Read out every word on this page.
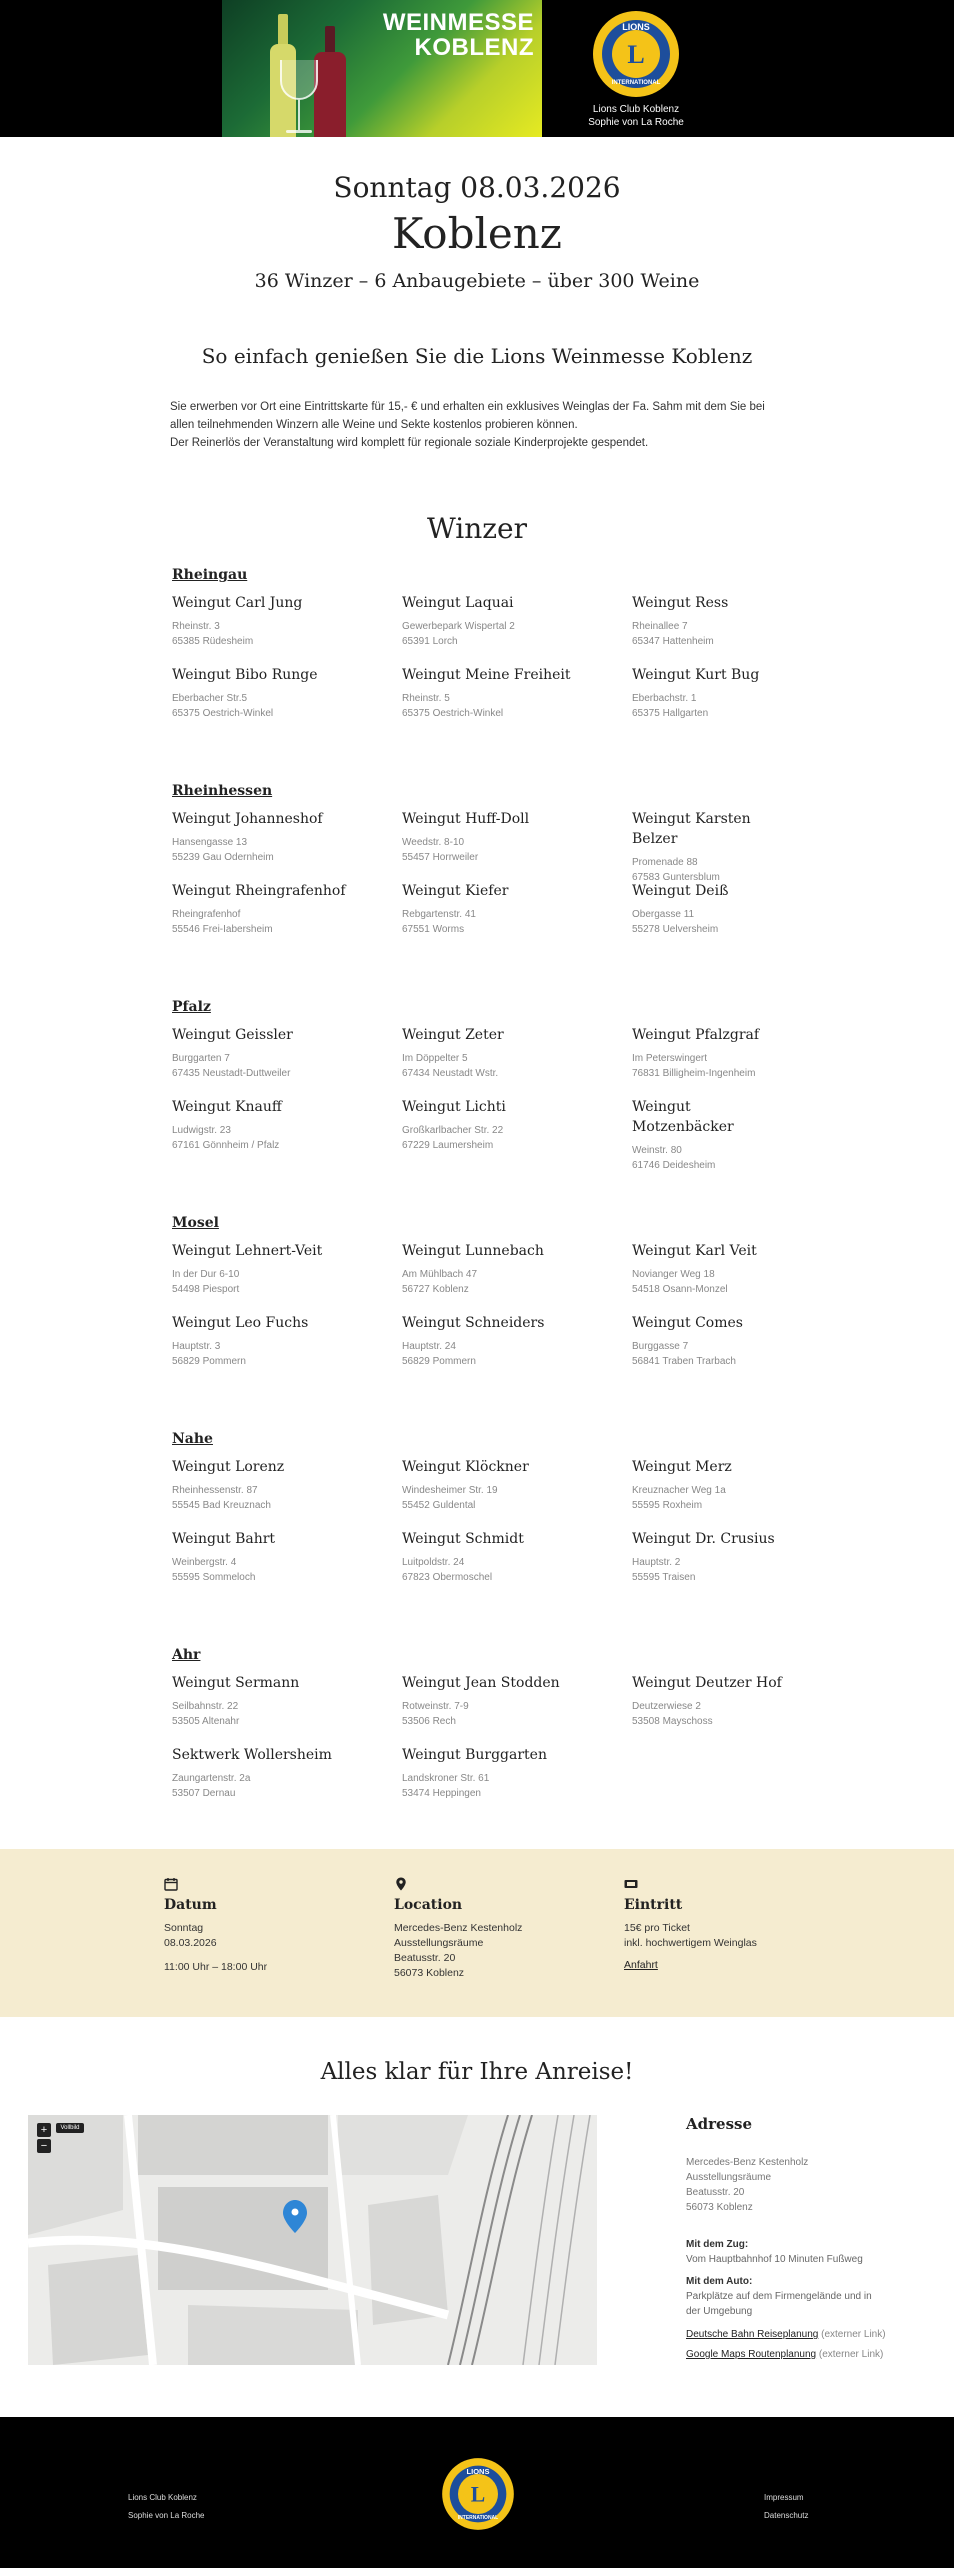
WEINMESSE
KOBLENZ
LIONS
L
INTERNATIONAL
Lions Club Koblenz
Sophie von La Roche
Sonntag 08.03.2026
Koblenz
36 Winzer – 6 Anbaugebiete – über 300 Weine
So einfach genießen Sie die Lions Weinmesse Koblenz
Sie erwerben vor Ort eine Eintrittskarte für 15,- € und erhalten ein exklusives Weinglas der Fa. Sahm mit dem Sie bei allen teilnehmenden Winzern alle Weine und Sekte kostenlos probieren können.
Der Reinerlös der Veranstaltung wird komplett für regionale soziale Kinderprojekte gespendet.
Winzer
Rheingau
Weingut Carl Jung
Rheinstr. 3
65385 Rüdesheim
Weingut Laquai
Gewerbepark Wispertal 2
65391 Lorch
Weingut Ress
Rheinallee 7
65347 Hattenheim
Weingut Bibo Runge
Eberbacher Str.5
65375 Oestrich-Winkel
Weingut Meine Freiheit
Rheinstr. 5
65375 Oestrich-Winkel
Weingut Kurt Bug
Eberbachstr. 1
65375 Hallgarten
Rheinhessen
Weingut Johanneshof
Hansengasse 13
55239 Gau Odernheim
Weingut Huff-Doll
Weedstr. 8-10
55457 Horrweiler
Weingut Karsten Belzer
Promenade 88
67583 Guntersblum
Weingut Rheingrafenhof
Rheingrafenhof
55546 Frei-Iabersheim
Weingut Kiefer
Rebgartenstr. 41
67551 Worms
Weingut Deiß
Obergasse 11
55278 Uelversheim
Pfalz
Weingut Geissler
Burggarten 7
67435 Neustadt-Duttweiler
Weingut Zeter
Im Döppelter 5
67434 Neustadt Wstr.
Weingut Pfalzgraf
Im Peterswingert
76831 Billigheim-Ingenheim
Weingut Knauff
Ludwigstr. 23
67161 Gönnheim / Pfalz
Weingut Lichti
Großkarlbacher Str. 22
67229 Laumersheim
Weingut Motzenbäcker
Weinstr. 80
61746 Deidesheim
Mosel
Weingut Lehnert-Veit
In der Dur 6-10
54498 Piesport
Weingut Lunnebach
Am Mühlbach 47
56727 Koblenz
Weingut Karl Veit
Novianger Weg 18
54518 Osann-Monzel
Weingut Leo Fuchs
Hauptstr. 3
56829 Pommern
Weingut Schneiders
Hauptstr. 24
56829 Pommern
Weingut Comes
Burggasse 7
56841 Traben Trarbach
Nahe
Weingut Lorenz
Rheinhessenstr. 87
55545 Bad Kreuznach
Weingut Klöckner
Windesheimer Str. 19
55452 Guldental
Weingut Merz
Kreuznacher Weg 1a
55595 Roxheim
Weingut Bahrt
Weinbergstr. 4
55595 Sommeloch
Weingut Schmidt
Luitpoldstr. 24
67823 Obermoschel
Weingut Dr. Crusius
Hauptstr. 2
55595 Traisen
Ahr
Weingut Sermann
Seilbahnstr. 22
53505 Altenahr
Weingut Jean Stodden
Rotweinstr. 7-9
53506 Rech
Weingut Deutzer Hof
Deutzerwiese 2
53508 Mayschoss
Sektwerk Wollersheim
Zaungartenstr. 2a
53507 Dernau
Weingut Burggarten
Landskroner Str. 61
53474 Heppingen
Datum
Sonntag
08.03.2026
11:00 Uhr – 18:00 Uhr
Location
Mercedes-Benz Kestenholz
Ausstellungsräume
Beatusstr. 20
56073 Koblenz
Eintritt
15€ pro Ticket
inkl. hochwertigem Weinglas
Anfahrt
Alles klar für Ihre Anreise!
+
−
Vollbild	Adresse
Mercedes-Benz Kestenholz
Ausstellungsräume
Beatusstr. 20
56073 Koblenz
Mit dem Zug:
Vom Hauptbahnhof 10 Minuten Fußweg
Mit dem Auto:
Parkplätze auf dem Firmengelände und in der Umgebung
Deutsche Bahn Reiseplanung (externer Link)
Google Maps Routenplanung (externer Link)
Lions Club Koblenz
Sophie von La Roche
LIONS
L
INTERNATIONAL
Impressum
Datenschutz
